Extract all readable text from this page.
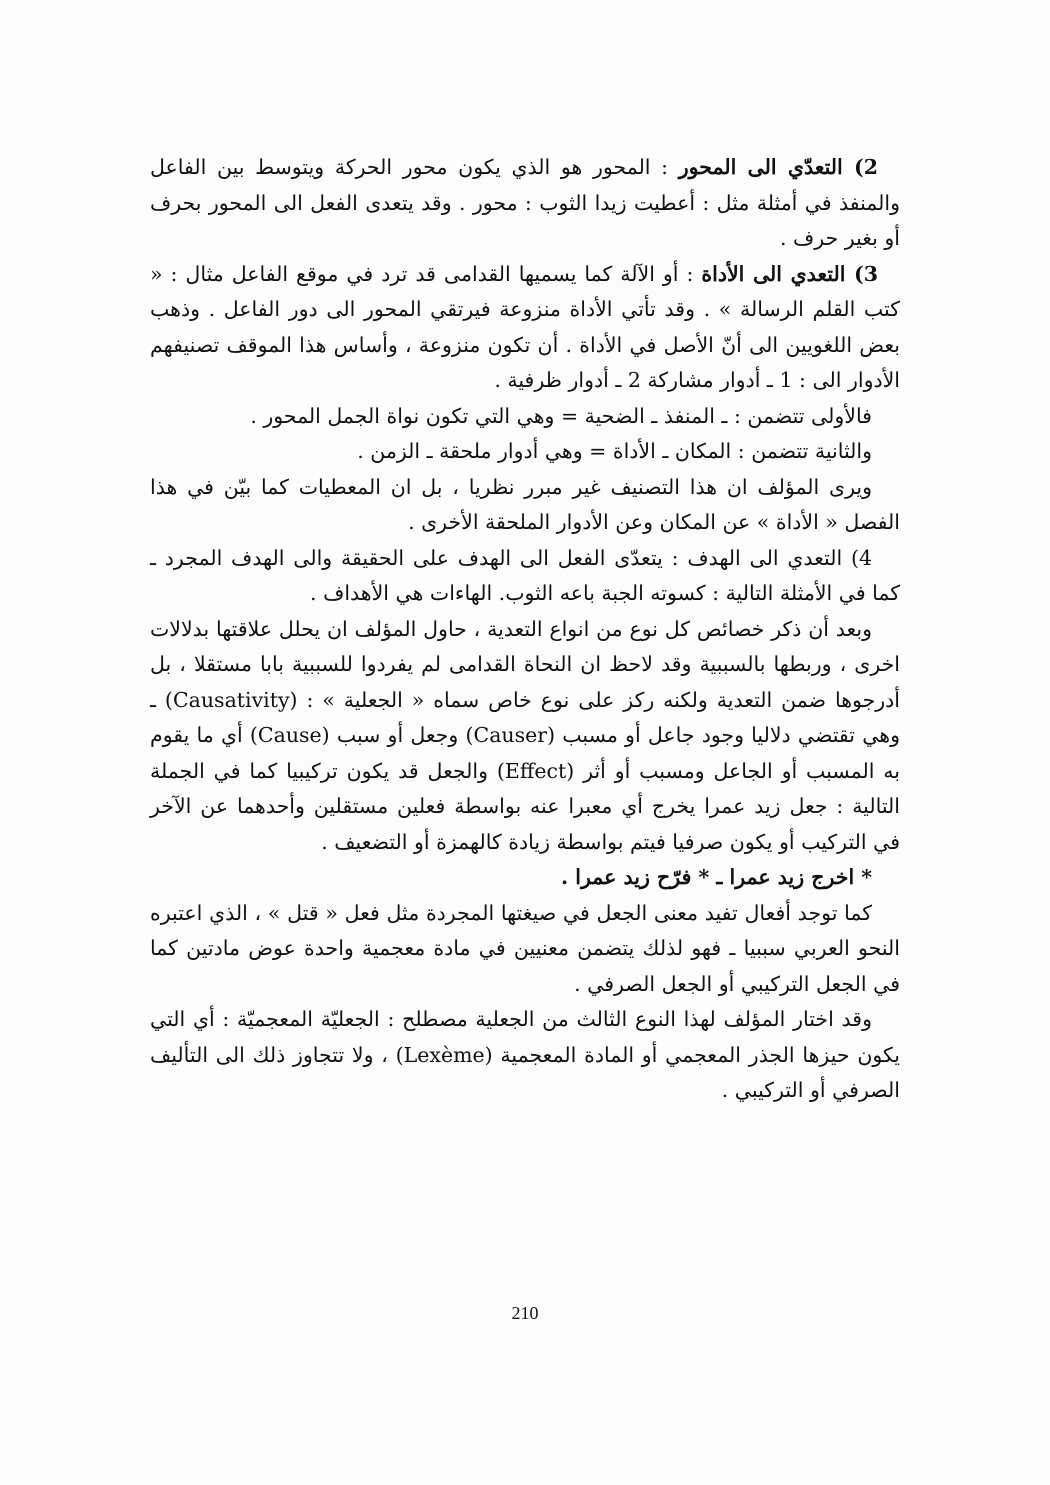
2) التعدّي الى المحور : المحور هو الذي يكون محور الحركة ويتوسط بين الفاعل والمنفذ في أمثلة مثل : أعطيت زيدا الثوب : محور . وقد يتعدى الفعل الى المحور بحرف أو بغير حرف .

3) التعدي الى الأداة : أو الآلة كما يسميها القدامى قد ترد في موقع الفاعل مثال : « كتب القلم الرسالة » . وقد تأتي الأداة منزوعة فيرتقي المحور الى دور الفاعل . وذهب بعض اللغويين الى أنّ الأصل في الأداة . أن تكون منزوعة ، وأساس هذا الموقف تصنيفهم الأدوار الى : 1 ـ أدوار مشاركة 2 ـ أدوار ظرفية .

فالأولى تتضمن : ـ المنفذ ـ الضحية = وهي التي تكون نواة الجمل المحور .

والثانية تتضمن : المكان ـ الأداة = وهي أدوار ملحقة ـ الزمن .

ويرى المؤلف ان هذا التصنيف غير مبرر نظريا ، بل ان المعطيات كما بيّن في هذا الفصل « الأداة » عن المكان وعن الأدوار الملحقة الأخرى .

4) التعدي الى الهدف : يتعدّى الفعل الى الهدف على الحقيقة والى الهدف المجرد ـ كما في الأمثلة التالية : كسوته الجبة باعه الثوب. الهاءات هي الأهداف .

وبعد أن ذكر خصائص كل نوع من انواع التعدية ، حاول المؤلف ان يحلل علاقتها بدلالات اخرى ، وربطها بالسببية وقد لاحظ ان النحاة القدامى لم يفردوا للسببية بابا مستقلا ، بل أدرجوها ضمن التعدية ولكنه ركز على نوع خاص سماه « الجعلية » : (Causativity) ـ وهي تقتضي دلاليا وجود جاعل أو مسبب (Causer) وجعل أو سبب (Cause) أي ما يقوم به المسبب أو الجاعل ومسبب أو أثر (Effect) والجعل قد يكون تركيبيا كما في الجملة التالية : جعل زيد عمرا يخرج أي معبرا عنه بواسطة فعلين مستقلين وأحدهما عن الآخر في التركيب أو يكون صرفيا فيتم بواسطة زيادة كالهمزة أو التضعيف .

* اخرج زيد عمرا ـ * فرّح زيد عمرا .

كما توجد أفعال تفيد معنى الجعل في صيغتها المجردة مثل فعل « قتل » ، الذي اعتبره النحو العربي سببيا ـ فهو لذلك يتضمن معنيين في مادة معجمية واحدة عوض مادتين كما في الجعل التركيبي أو الجعل الصرفي .

وقد اختار المؤلف لهذا النوع الثالث من الجعلية مصطلح : الجعليّة المعجميّة : أي التي يكون حيزها الجذر المعجمي أو المادة المعجمية (Lexème) ، ولا تتجاوز ذلك الى التأليف الصرفي أو التركيبي .

210
